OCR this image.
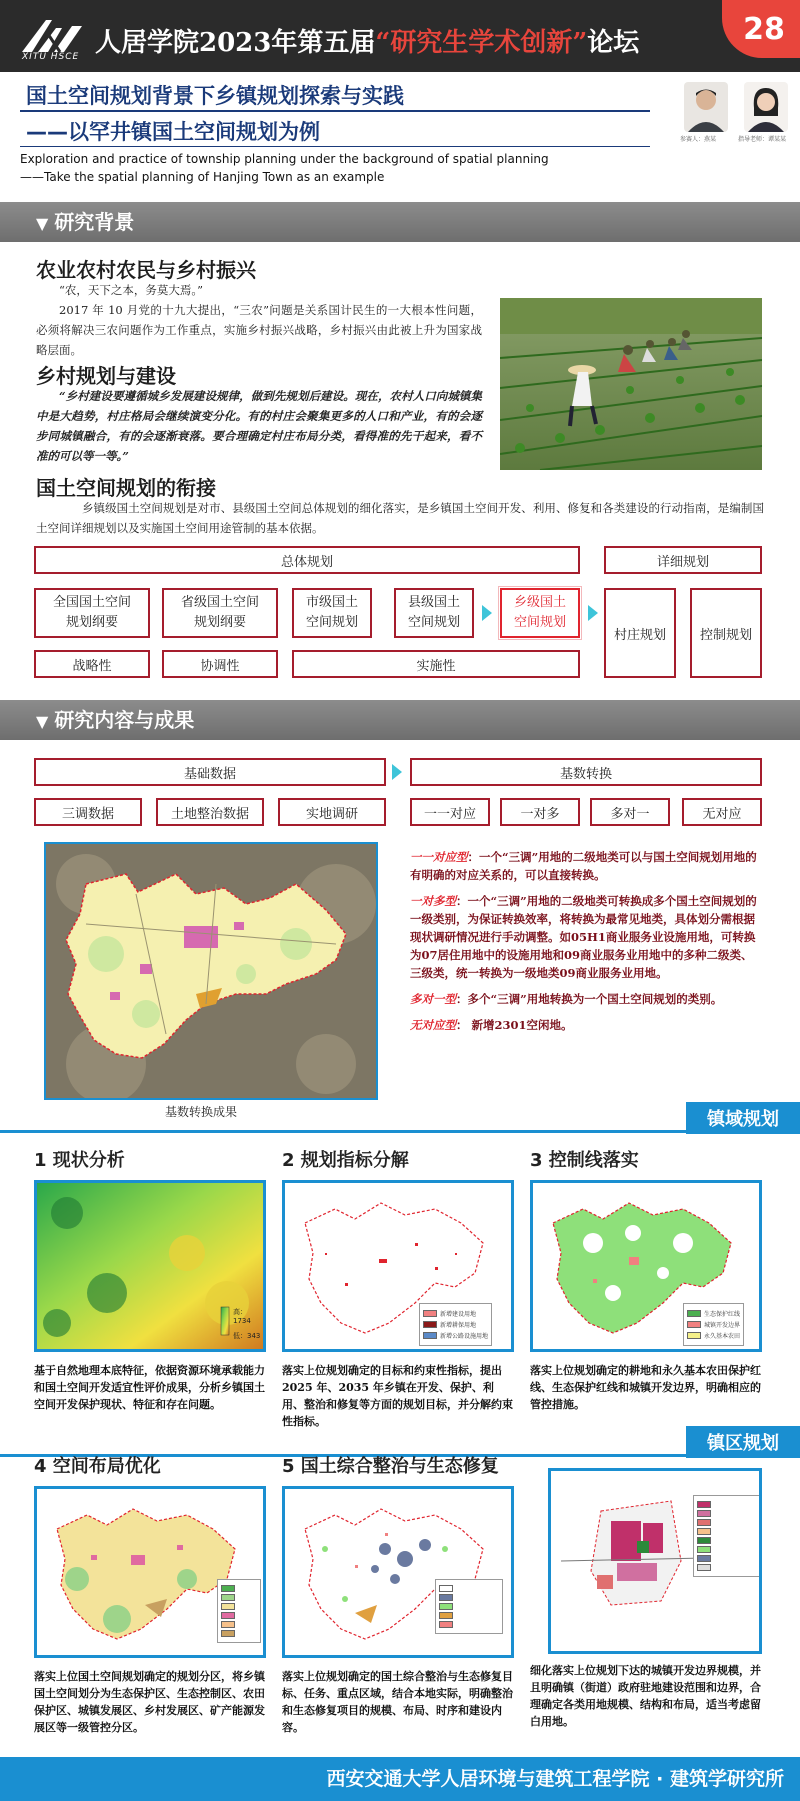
XITU HSCE 人居学院2023年第五届“研究生学术创新”论坛	28
国土空间规划背景下乡镇规划探索与实践
——以罕井镇国土空间规划为例
Exploration and practice of township planning under the background of spatial planning
——Take the spatial planning of Hanjing Town as an example
参赛人：燕某	指导老师：谭某某
▼ 研究背景
农业农村农民与乡村振兴
“农，天下之本，务莫大焉。”
2017 年 10 月党的十九大提出，“三农”问题是关系国计民生的一大根本性问题，必须将解决三农问题作为工作重点，实施乡村振兴战略，乡村振兴由此被上升为国家战略层面。
乡村规划与建设
“乡村建设要遵循城乡发展建设规律，做到先规划后建设。现在，农村人口向城镇集中是大趋势，村庄格局会继续演变分化。有的村庄会聚集更多的人口和产业，有的会逐步同城镇融合，有的会逐渐衰落。要合理确定村庄布局分类，看得准的先干起来，看不准的可以等一等。”
国土空间规划的衔接
乡镇级国土空间规划是对市、县级国土空间总体规划的细化落实，是乡镇国土空间开发、利用、修复和各类建设的行动指南，是编制国土空间详细规划以及实施国土空间用途管制的基本依据。
总体规划	详细规划
全国国土空间
规划纲要
省级国土空间
规划纲要
市级国土
空间规划
县级国土
空间规划
乡级国土
空间规划
村庄规划	控制规划
战略性	协调性	实施性
▼ 研究内容与成果
基础数据	基数转换
三调数据	土地整治数据	实地调研	一一对应	一对多	多对一	无对应
基数转换成果

一一对应型：一个“三调”用地的二级地类可以与国土空间规划用地的有明确的对应关系的，可以直接转换。

一对多型：一个“三调”用地的二级地类可转换成多个国土空间规划的一级类别，为保证转换效率，将转换为最常见地类，具体划分需根据现状调研情况进行手动调整。如05H1商业服务业设施用地，可转换为07居住用地中的设施用地和09商业服务业用地中的多种二级类、三级类，统一转换为一级地类09商业服务业用地。

多对一型：多个“三调”用地转换为一个国土空间规划的类别。

无对应型： 新增2301空闲地。

镇域规划
1 现状分析
高：1734
低：343
基于自然地理本底特征，依据资源环境承载能力和国土空间开发适宜性评价成果，分析乡镇国土空间开发保护现状、特征和存在问题。
2 规划指标分解
新增建设用地
新增耕保用地
新增公路设施用地
落实上位规划确定的目标和约束性指标，提出 2025 年、2035 年乡镇在开发、保护、利用、整治和修复等方面的规划目标，并分解约束性指标。
3 控制线落实
生态保护红线
城镇开发边界
永久基本农田
落实上位规划确定的耕地和永久基本农田保护红线、生态保护红线和城镇开发边界，明确相应的管控措施。
镇区规划
4 空间布局优化
落实上位国土空间规划确定的规划分区，将乡镇国土空间划分为生态保护区、生态控制区、农田保护区、城镇发展区、乡村发展区、矿产能源发展区等一级管控分区。
5 国土综合整治与生态修复
落实上位规划确定的国土综合整治与生态修复目标、任务、重点区域，结合本地实际，明确整治和生态修复项目的规模、布局、时序和建设内容。
细化落实上位规划下达的城镇开发边界规模，并且明确镇（街道）政府驻地建设范围和边界，合理确定各类用地规模、结构和布局，适当考虑留白用地。
西安交通大学人居环境与建筑工程学院 · 建筑学研究所
